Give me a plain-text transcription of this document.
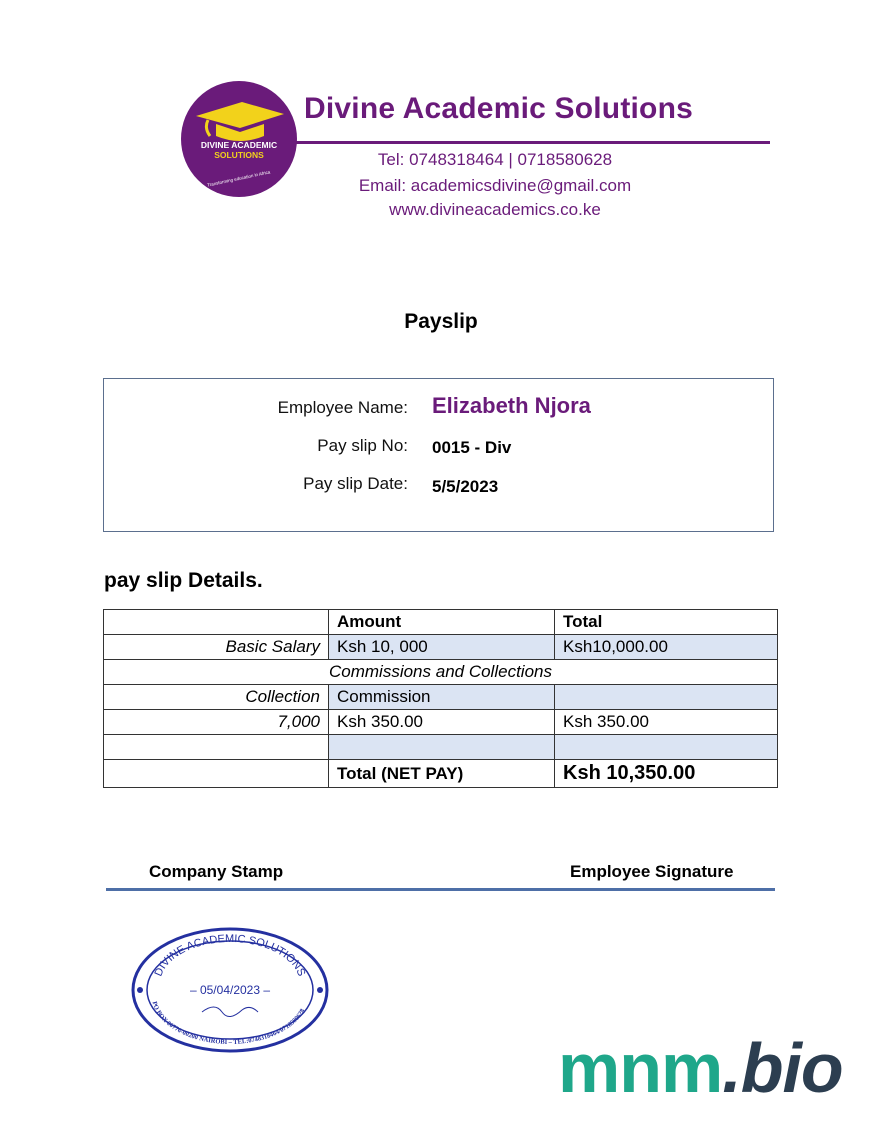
DIVINE ACADEMIC
SOLUTIONS
Transforming education in Africa
Divine Academic Solutions
Tel: 0748318464 | 0718580628
Email: academicsdivine@gmail.com
www.divineacademics.co.ke
Payslip
Employee Name: Elizabeth Njora
Pay slip No: 0015 - Div
Pay slip Date: 5/5/2023
pay slip Details.
	Amount	Total
Basic Salary	Ksh 10, 000	Ksh10,000.00
Commissions and Collections		
Collection	Commission	
7,000	Ksh 350.00	Ksh 350.00

	Total (NET PAY)	Ksh 10,350.00
Company Stamp	Employee Signature
DIVINE ACADEMIC SOLUTIONS
– 05/04/2023 –
PO BOX 00776-00200 NAIROBI – TEL:0748318464/0718580628
mnm.bio
